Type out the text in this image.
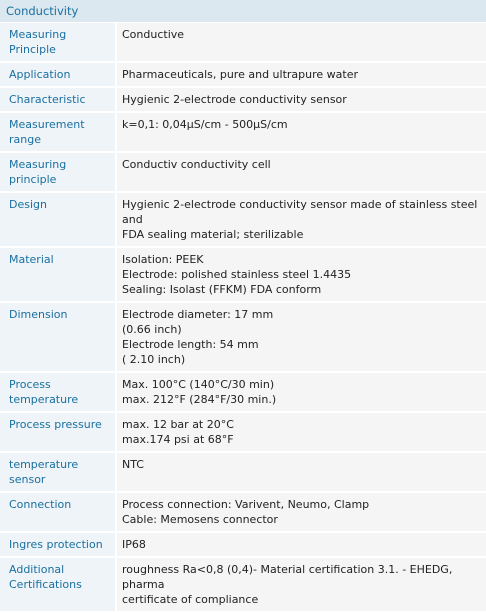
Conductivity	

Measuring Principle	Conductive

Application	Pharmaceuticals, pure and ultrapure water

Characteristic	Hygienic 2-electrode conductivity sensor

Measurement range	k=0,1: 0,04µS/cm - 500µS/cm

Measuring principle	Conductiv conductivity cell

Design	Hygienic 2-electrode conductivity sensor made of stainless steel and
FDA sealing material; sterilizable

Material	Isolation: PEEK
Electrode: polished stainless steel 1.4435
Sealing: Isolast (FFKM) FDA conform

Dimension	Electrode diameter: 17 mm
(0.66 inch)
Electrode length: 54 mm
( 2.10 inch)

Process
temperature	Max. 100°C (140°C/30 min)
max. 212°F (284°F/30 min.)

Process pressure	max. 12 bar at 20°C
max.174 psi at 68°F

temperature sensor	NTC

Connection	Process connection: Varivent, Neumo, Clamp
Cable: Memosens connector

Ingres protection	IP68

Additional
Certifications	roughness Ra<0,8 (0,4)- Material certification 3.1. - EHEDG, pharma
certificate of compliance
